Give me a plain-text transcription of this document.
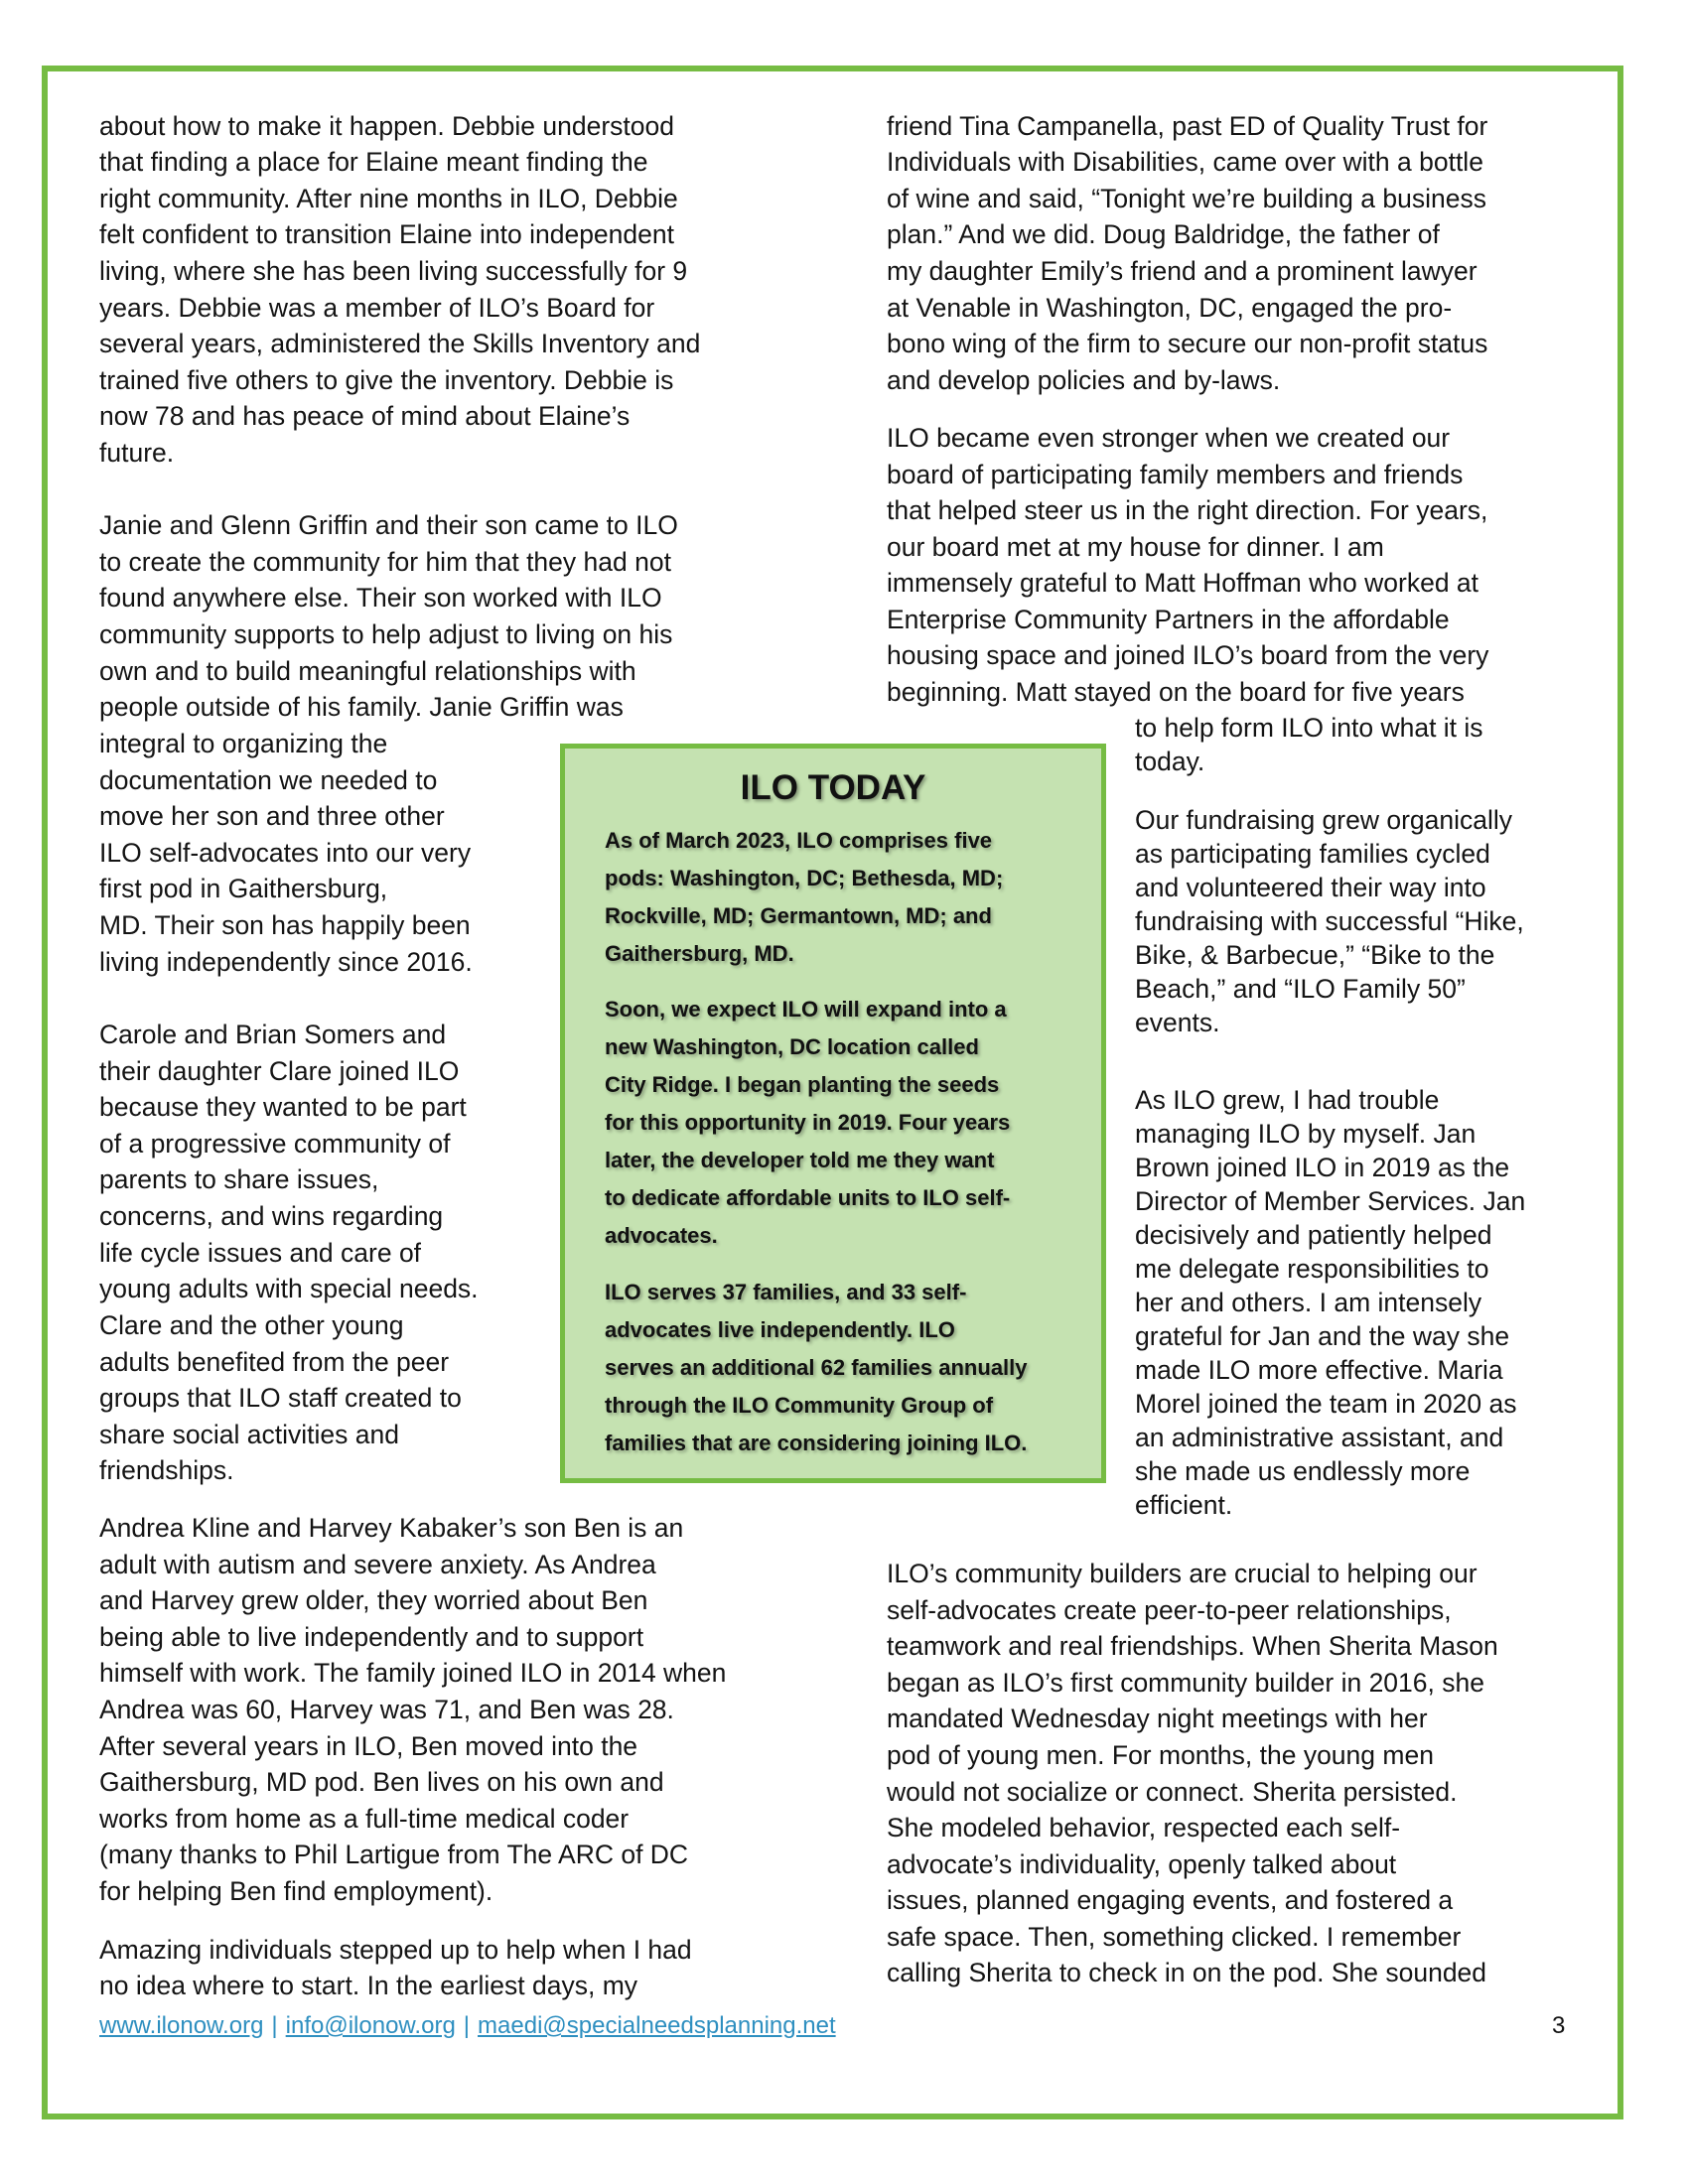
about how to make it happen. Debbie understood
that finding a place for Elaine meant finding the
right community. After nine months in ILO, Debbie
felt confident to transition Elaine into independent
living, where she has been living successfully for 9
years. Debbie was a member of ILO’s Board for
several years, administered the Skills Inventory and
trained five others to give the inventory. Debbie is
now 78 and has peace of mind about Elaine’s
future.
Janie and Glenn Griffin and their son came to ILO
to create the community for him that they had not
found anywhere else. Their son worked with ILO
community supports to help adjust to living on his
own and to build meaningful relationships with
people outside of his family. Janie Griffin was
integral to organizing the
documentation we needed to
move her son and three other
ILO self-advocates into our very
first pod in Gaithersburg,
MD. Their son has happily been
living independently since 2016.
Carole and Brian Somers and
their daughter Clare joined ILO
because they wanted to be part
of a progressive community of
parents to share issues,
concerns, and wins regarding
life cycle issues and care of
young adults with special needs.
Clare and the other young
adults benefited from the peer
groups that ILO staff created to
share social activities and
friendships.
Andrea Kline and Harvey Kabaker’s son Ben is an
adult with autism and severe anxiety. As Andrea
and Harvey grew older, they worried about Ben
being able to live independently and to support
himself with work. The family joined ILO in 2014 when
Andrea was 60, Harvey was 71, and Ben was 28.
After several years in ILO, Ben moved into the
Gaithersburg, MD pod. Ben lives on his own and
works from home as a full-time medical coder
(many thanks to Phil Lartigue from The ARC of DC
for helping Ben find employment).
Amazing individuals stepped up to help when I had
no idea where to start. In the earliest days, my
friend Tina Campanella, past ED of Quality Trust for
Individuals with Disabilities, came over with a bottle
of wine and said, “Tonight we’re building a business
plan.” And we did. Doug Baldridge, the father of
my daughter Emily’s friend and a prominent lawyer
at Venable in Washington, DC, engaged the pro-
bono wing of the firm to secure our non-profit status
and develop policies and by-laws.
ILO became even stronger when we created our
board of participating family members and friends
that helped steer us in the right direction. For years,
our board met at my house for dinner. I am
immensely grateful to Matt Hoffman who worked at
Enterprise Community Partners in the affordable
housing space and joined ILO’s board from the very
beginning. Matt stayed on the board for five years
to help form ILO into what it is
today.
Our fundraising grew organically
as participating families cycled
and volunteered their way into
fundraising with successful “Hike,
Bike, & Barbecue,” “Bike to the
Beach,” and “ILO Family 50”
events.
As ILO grew, I had trouble
managing ILO by myself. Jan
Brown joined ILO in 2019 as the
Director of Member Services. Jan
decisively and patiently helped
me delegate responsibilities to
her and others. I am intensely
grateful for Jan and the way she
made ILO more effective. Maria
Morel joined the team in 2020 as
an administrative assistant, and
she made us endlessly more
efficient.
ILO’s community builders are crucial to helping our
self-advocates create peer-to-peer relationships,
teamwork and real friendships. When Sherita Mason
began as ILO’s first community builder in 2016, she
mandated Wednesday night meetings with her
pod of young men. For months, the young men
would not socialize or connect. Sherita persisted.
She modeled behavior, respected each self-
advocate’s individuality, openly talked about
issues, planned engaging events, and fostered a
safe space. Then, something clicked. I remember
calling Sherita to check in on the pod. She sounded
ILO TODAY
As of March 2023, ILO comprises five
pods: Washington, DC; Bethesda, MD;
Rockville, MD; Germantown, MD; and
Gaithersburg, MD.
Soon, we expect ILO will expand into a
new Washington, DC location called
City Ridge. I began planting the seeds
for this opportunity in 2019. Four years
later, the developer told me they want
to dedicate affordable units to ILO self-
advocates.
ILO serves 37 families, and 33 self-
advocates live independently. ILO
serves an additional 62 families annually
through the ILO Community Group of
families that are considering joining ILO.
www.ilonow.org | info@ilonow.org | maedi@specialneedsplanning.net	3
